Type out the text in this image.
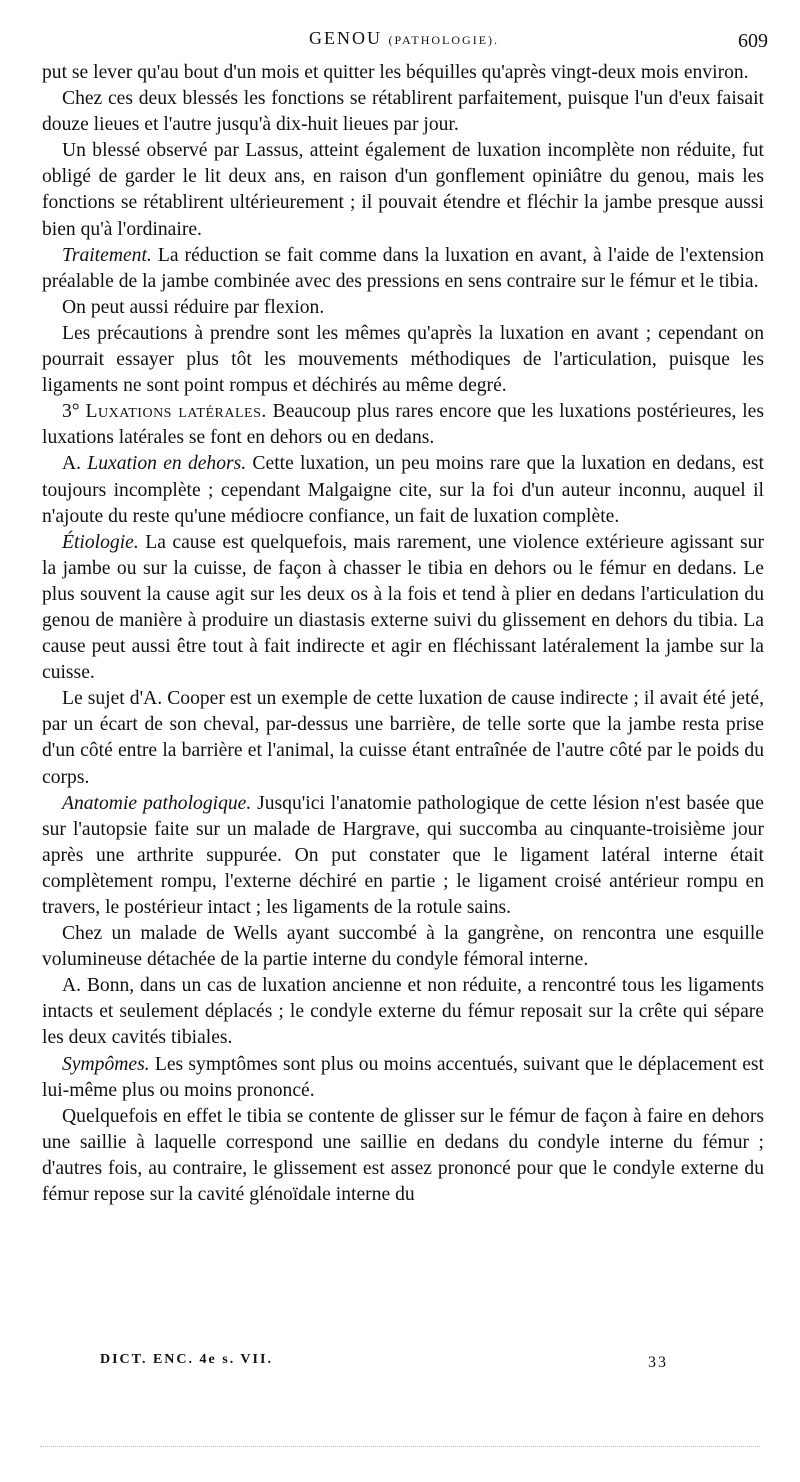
GENOU (PATHOLOGIE).	609

put se lever qu'au bout d'un mois et quitter les béquilles qu'après vingt-deux mois environ.

Chez ces deux blessés les fonctions se rétablirent parfaitement, puisque l'un d'eux faisait douze lieues et l'autre jusqu'à dix-huit lieues par jour.

Un blessé observé par Lassus, atteint également de luxation incomplète non réduite, fut obligé de garder le lit deux ans, en raison d'un gonflement opiniâtre du genou, mais les fonctions se rétablirent ultérieurement ; il pouvait étendre et fléchir la jambe presque aussi bien qu'à l'ordinaire.

Traitement. La réduction se fait comme dans la luxation en avant, à l'aide de l'extension préalable de la jambe combinée avec des pressions en sens contraire sur le fémur et le tibia.

On peut aussi réduire par flexion.

Les précautions à prendre sont les mêmes qu'après la luxation en avant ; cependant on pourrait essayer plus tôt les mouvements méthodiques de l'articulation, puisque les ligaments ne sont point rompus et déchirés au même degré.

3° Luxations latérales. Beaucoup plus rares encore que les luxations postérieures, les luxations latérales se font en dehors ou en dedans.

A. Luxation en dehors. Cette luxation, un peu moins rare que la luxation en dedans, est toujours incomplète ; cependant Malgaigne cite, sur la foi d'un auteur inconnu, auquel il n'ajoute du reste qu'une médiocre confiance, un fait de luxation complète.

Étiologie. La cause est quelquefois, mais rarement, une violence extérieure agissant sur la jambe ou sur la cuisse, de façon à chasser le tibia en dehors ou le fémur en dedans. Le plus souvent la cause agit sur les deux os à la fois et tend à plier en dedans l'articulation du genou de manière à produire un diastasis externe suivi du glissement en dehors du tibia. La cause peut aussi être tout à fait indirecte et agir en fléchissant latéralement la jambe sur la cuisse.

Le sujet d'A. Cooper est un exemple de cette luxation de cause indirecte ; il avait été jeté, par un écart de son cheval, par-dessus une barrière, de telle sorte que la jambe resta prise d'un côté entre la barrière et l'animal, la cuisse étant entraînée de l'autre côté par le poids du corps.

Anatomie pathologique. Jusqu'ici l'anatomie pathologique de cette lésion n'est basée que sur l'autopsie faite sur un malade de Hargrave, qui succomba au cinquante-troisième jour après une arthrite suppurée. On put constater que le ligament latéral interne était complètement rompu, l'externe déchiré en partie ; le ligament croisé antérieur rompu en travers, le postérieur intact ; les ligaments de la rotule sains.

Chez un malade de Wells ayant succombé à la gangrène, on rencontra une esquille volumineuse détachée de la partie interne du condyle fémoral interne.

A. Bonn, dans un cas de luxation ancienne et non réduite, a rencontré tous les ligaments intacts et seulement déplacés ; le condyle externe du fémur reposait sur la crête qui sépare les deux cavités tibiales.

Sympômes. Les symptômes sont plus ou moins accentués, suivant que le déplacement est lui-même plus ou moins prononcé.

Quelquefois en effet le tibia se contente de glisser sur le fémur de façon à faire en dehors une saillie à laquelle correspond une saillie en dedans du condyle interne du fémur ; d'autres fois, au contraire, le glissement est assez prononcé pour que le condyle externe du fémur repose sur la cavité glénoïdale interne du

DICT. ENC. 4e s. VII.	33
